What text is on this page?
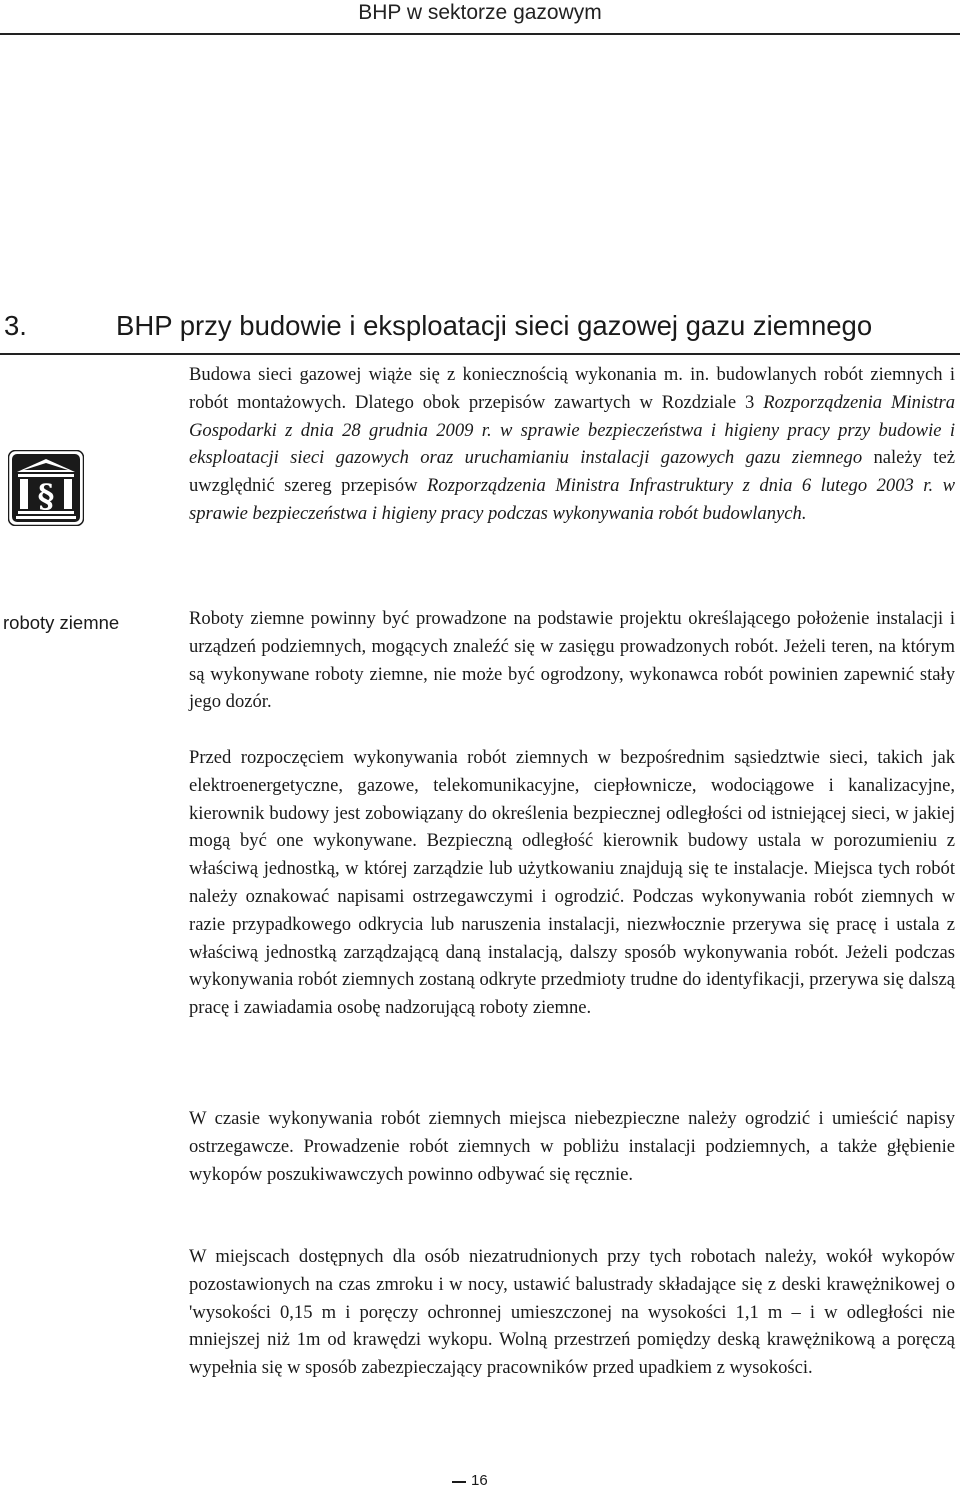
BHP w sektorze gazowym
3.	BHP przy budowie i eksploatacji sieci gazowej gazu ziemnego
§
roboty ziemne

Budowa sieci gazowej wiąże się z koniecznością wykonania m. in. budowlanych robót ziemnych i robót montażowych. Dlatego obok przepisów zawartych w Rozdziale 3 Rozporządzenia Ministra Gospodarki z dnia 28 grudnia 2009 r. w sprawie bezpieczeństwa i higieny pracy przy budowie i eksploatacji sieci gazowych oraz uruchamianiu instalacji gazowych gazu ziemnego należy też uwzględnić szereg przepisów Rozporządzenia Ministra Infrastruktury z dnia 6 lutego 2003 r. w sprawie bezpieczeństwa i higieny pracy podczas wykonywania robót budowlanych.

Roboty ziemne powinny być prowadzone na podstawie projektu określającego położenie instalacji i urządzeń podziemnych, mogących znaleźć się w zasięgu prowadzonych robót. Jeżeli teren, na którym są wykonywane roboty ziemne, nie może być ogrodzony, wykonawca robót powinien zapewnić stały jego dozór.

Przed rozpoczęciem wykonywania robót ziemnych w bezpośrednim sąsiedztwie sieci, takich jak elektroenergetyczne, gazowe, telekomunikacyjne, ciepłownicze, wodociągowe i kanalizacyjne, kierownik budowy jest zobowiązany do określenia bezpiecznej odległości od istniejącej sieci, w jakiej mogą być one wykonywane. Bezpieczną odległość kierownik budowy ustala w porozumieniu z właściwą jednostką, w której zarządzie lub użytkowaniu znajdują się te instalacje. Miejsca tych robót należy oznakować napisami ostrzegawczymi i ogrodzić. Podczas wykonywania robót ziemnych w razie przypadkowego odkrycia lub naruszenia instalacji, niezwłocznie przerywa się pracę i ustala z właściwą jednostką zarządzającą daną instalacją, dalszy sposób wykonywania robót. Jeżeli podczas wykonywania robót ziemnych zostaną odkryte przedmioty trudne do identyfikacji, przerywa się dalszą pracę i zawiadamia osobę nadzorującą roboty ziemne.

W czasie wykonywania robót ziemnych miejsca niebezpieczne należy ogrodzić i umieścić napisy ostrzegawcze. Prowadzenie robót ziemnych w pobliżu instalacji podziemnych, a także głębienie wykopów poszukiwawczych powinno odbywać się ręcznie.

W miejscach dostępnych dla osób niezatrudnionych przy tych robotach należy, wokół wykopów pozostawionych na czas zmroku i w nocy, ustawić balustrady składające się z deski krawężnikowej o 'wysokości 0,15 m i poręczy ochronnej umieszczonej na wysokości 1,1 m – i w odległości nie mniejszej niż 1m od krawędzi wykopu. Wolną przestrzeń pomiędzy deską krawężnikową a poręczą wypełnia się w sposób zabezpieczający pracowników przed upadkiem z wysokości.

16
